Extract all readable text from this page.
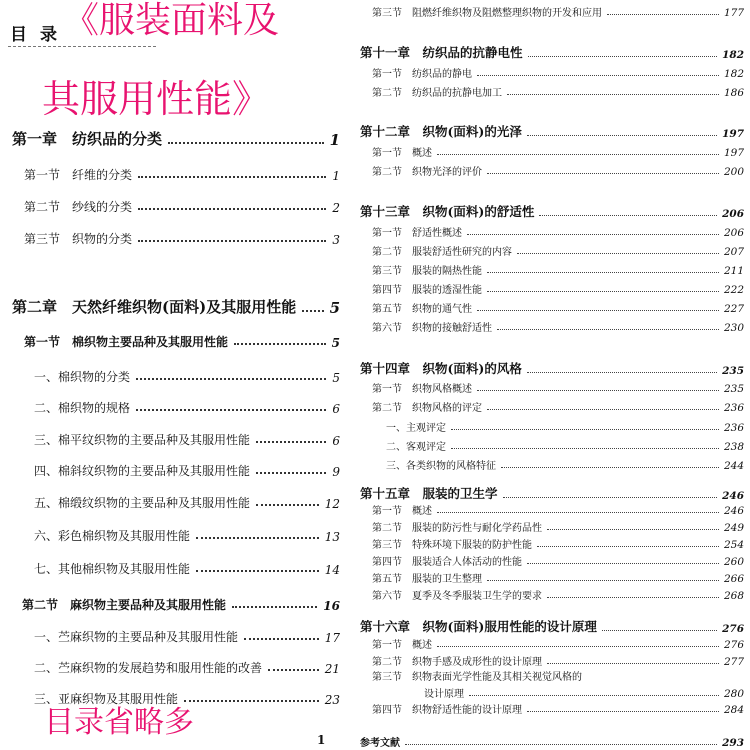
目 录
第一章　纺织品的分类	1
第一节　纤维的分类	1
第二节　纱线的分类	2
第三节　织物的分类	3
第二章　天然纤维织物(面料)及其服用性能 5
第一节　棉织物主要品种及其服用性能	5
一、棉织物的分类	5
二、棉织物的规格	6
三、棉平纹织物的主要品种及其服用性能	6
四、棉斜纹织物的主要品种及其服用性能	9
五、棉缎纹织物的主要品种及其服用性能	12
六、彩色棉织物及其服用性能	13
七、其他棉织物及其服用性能	14
第二节　麻织物主要品种及其服用性能	16
一、苎麻织物的主要品种及其服用性能	17
二、苎麻织物的发展趋势和服用性能的改善	21
三、亚麻织物及其服用性能	23
1
《服装面料及
其服用性能》
目录省略多
第三节　阻燃纤维织物及阻燃整理织物的开发和应用	177
第十一章　纺织品的抗静电性	182
第一节　纺织品的静电	182
第二节　纺织品的抗静电加工	186
第十二章　织物(面料)的光泽	197
第一节　概述	197
第二节　织物光泽的评价	200
第十三章　织物(面料)的舒适性	206
第一节　舒适性概述	206
第二节　服装舒适性研究的内容	207
第三节　服装的隔热性能	211
第四节　服装的透湿性能	222
第五节　织物的通气性	227
第六节　织物的接触舒适性	230
第十四章　织物(面料)的风格	235
第一节　织物风格概述	235
第二节　织物风格的评定	236
一、主观评定	236
二、客观评定	238
三、各类织物的风格特征	244
第十五章　服装的卫生学	246
第一节　概述	246
第二节　服装的防污性与耐化学药品性	249
第三节　特殊环境下服装的防护性能	254
第四节　服装适合人体活动的性能	260
第五节　服装的卫生整理	266
第六节　夏季及冬季服装卫生学的要求	268
第十六章　织物(面料)服用性能的设计原理	276
第一节　概述	276
第二节　织物手感及成形性的设计原理	277
第三节　织物表面光学性能及其相关视觉风格的
设计原理	280
第四节　织物舒适性能的设计原理	284
参考文献	293
